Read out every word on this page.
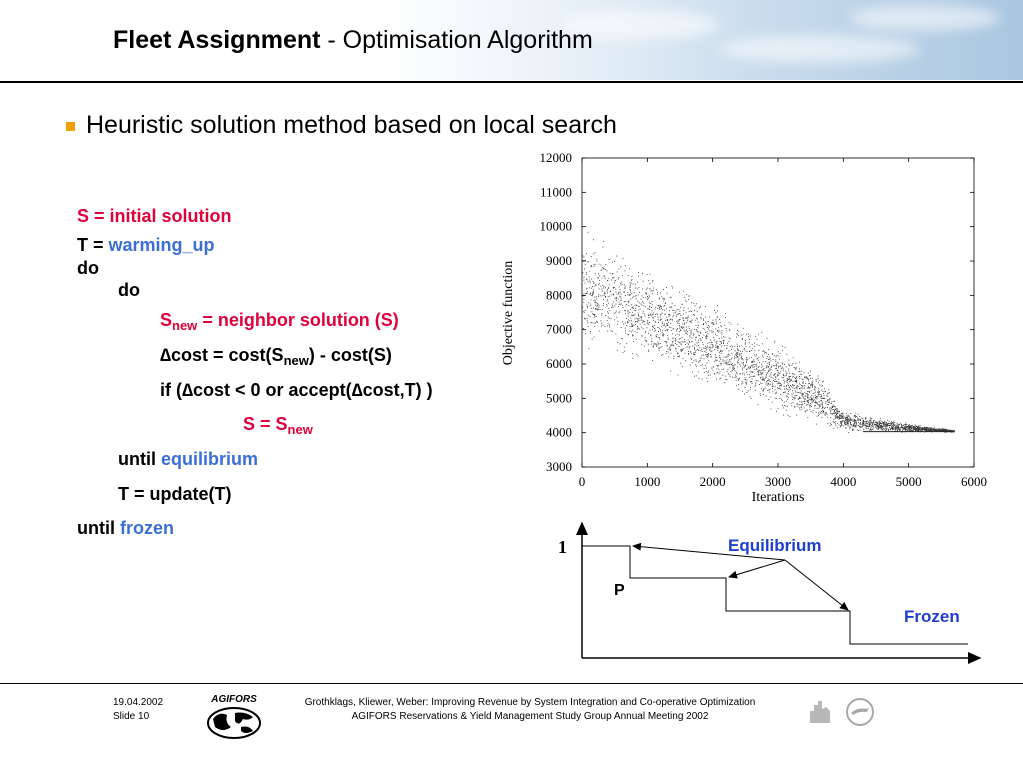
Fleet Assignment - Optimisation Algorithm
Heuristic solution method based on local search
S = initial solution
T = warming_up
do
do
$S_{new}$ = neighbor solution (S)
$\Delta\cos t = \cos t(S_{new}) - \cos t(S)$
if (∆cost < 0 or accept(∆cost,T) )
$S = S_{new}$
until equilibrium
T = update(T)
until frozen
3000
4000
5000
6000
7000
8000
9000
10000
11000
12000
0	1000	2000	3000	4000	5000	6000
Iterations
Objective function
1	Equilibrium
P
Frozen
19.04.2002
Slide 10
AGIFORS	Grothklags, Kliewer, Weber: Improving Revenue by System Integration and Co-operative Optimization
AGIFORS Reservations & Yield Management Study Group Annual Meeting 2002
